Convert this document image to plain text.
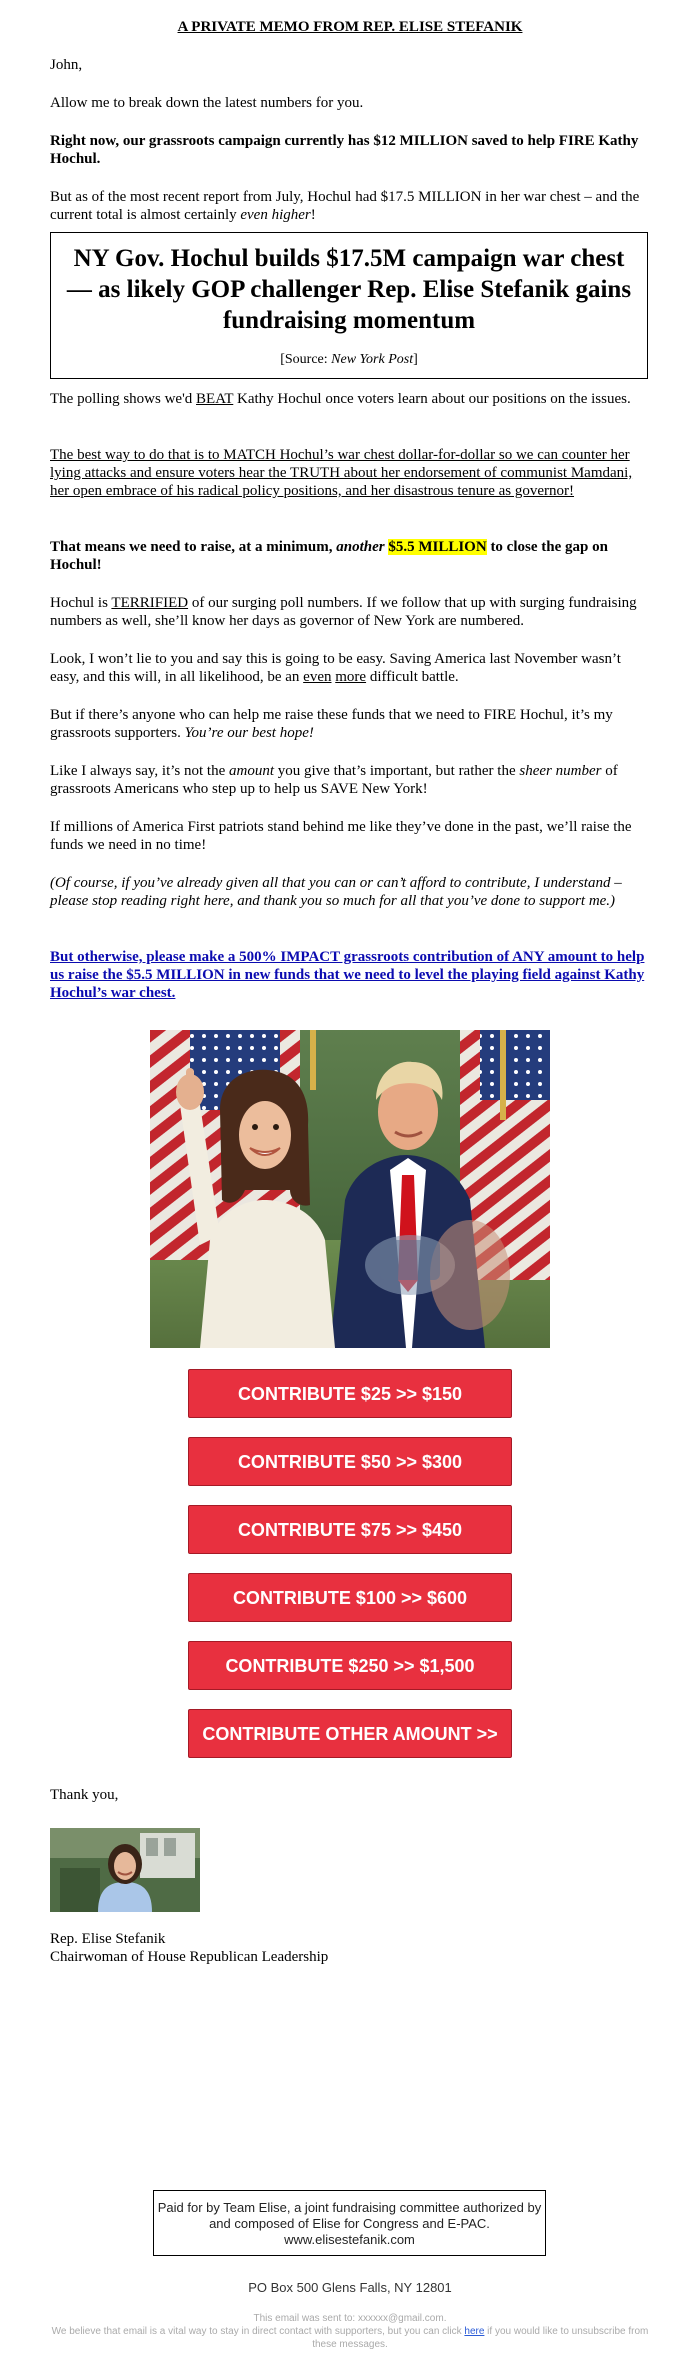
A PRIVATE MEMO FROM REP. ELISE STEFANIK

John,

Allow me to break down the latest numbers for you.

Right now, our grassroots campaign currently has $12 MILLION saved to help FIRE Kathy Hochul.

But as of the most recent report from July, Hochul had $17.5 MILLION in her war chest – and the current total is almost certainly even higher!

NY Gov. Hochul builds $17.5M campaign war chest — as likely GOP challenger Rep. Elise Stefanik gains fundraising momentum
[Source: New York Post]

The polling shows we'd BEAT Kathy Hochul once voters learn about our positions on the issues.

The best way to do that is to MATCH Hochul’s war chest dollar-for-dollar so we can counter her lying attacks and ensure voters hear the TRUTH about her endorsement of communist Mamdani, her open embrace of his radical policy positions, and her disastrous tenure as governor!

That means we need to raise, at a minimum, another $5.5 MILLION to close the gap on Hochul!

Hochul is TERRIFIED of our surging poll numbers. If we follow that up with surging fundraising numbers as well, she’ll know her days as governor of New York are numbered.

Look, I won’t lie to you and say this is going to be easy. Saving America last November wasn’t easy, and this will, in all likelihood, be an even more difficult battle.

But if there’s anyone who can help me raise these funds that we need to FIRE Hochul, it’s my grassroots supporters. You’re our best hope!

Like I always say, it’s not the amount you give that’s important, but rather the sheer number of grassroots Americans who step up to help us SAVE New York!

If millions of America First patriots stand behind me like they’ve done in the past, we’ll raise the funds we need in no time!

(Of course, if you’ve already given all that you can or can’t afford to contribute, I understand – please stop reading right here, and thank you so much for all that you’ve done to support me.)

But otherwise, please make a 500% IMPACT grassroots contribution of ANY amount to help us raise the $5.5 MILLION in new funds that we need to level the playing field against Kathy Hochul’s war chest.

Thank you,

Rep. Elise Stefanik

Chairwoman of House Republican Leadership

CONTRIBUTE $25 >> $150
CONTRIBUTE $50 >> $300
CONTRIBUTE $75 >> $450
CONTRIBUTE $100 >> $600
CONTRIBUTE $250 >> $1,500
CONTRIBUTE OTHER AMOUNT >>
Paid for by Team Elise, a joint fundraising committee authorized by and composed of Elise for Congress and E-PAC. www.elisestefanik.com
PO Box 500 Glens Falls, NY 12801
This email was sent to: xxxxxx@gmail.com.
We believe that email is a vital way to stay in direct contact with supporters, but you can click here if you would like to unsubscribe from these messages.
